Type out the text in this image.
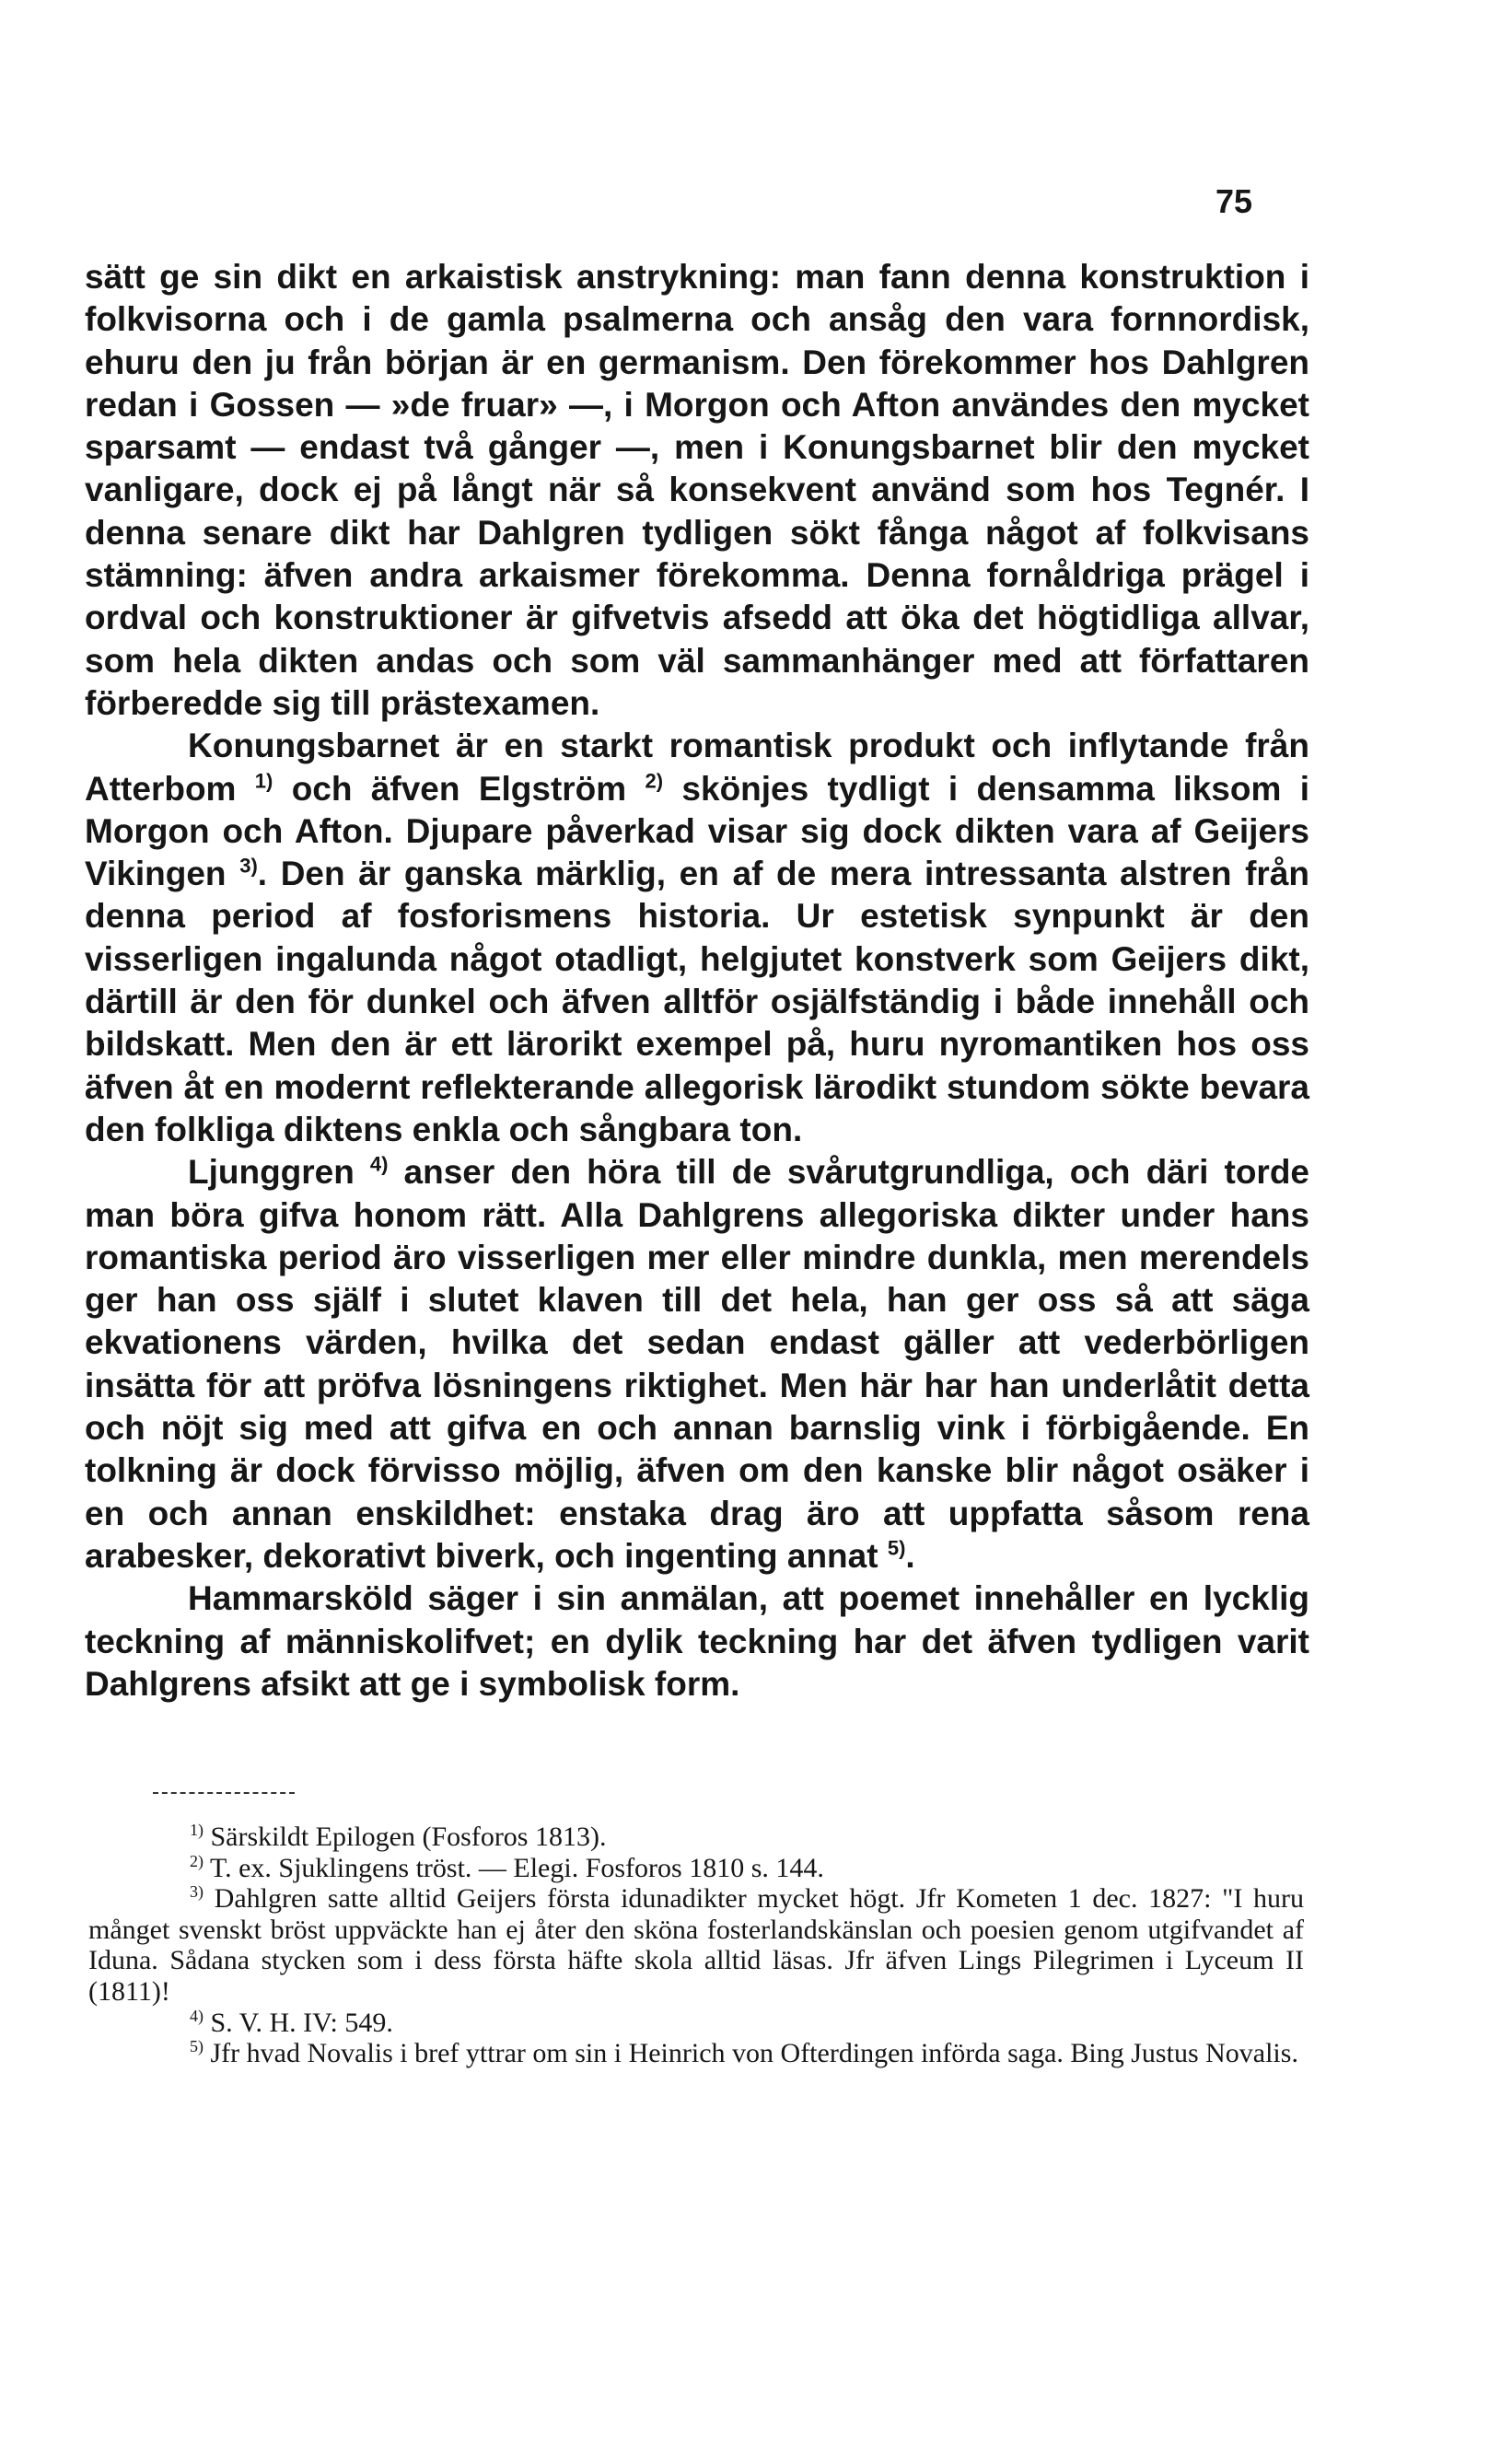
75

sätt ge sin dikt en arkaistisk anstrykning: man fann denna konstruktion i folkvisorna och i de gamla psalmerna och ansåg den vara fornnordisk, ehuru den ju från början är en germanism. Den förekommer hos Dahlgren redan i Gossen — »de fruar» —, i Morgon och Afton användes den mycket sparsamt — endast två gånger —, men i Konungsbarnet blir den mycket vanligare, dock ej på långt när så konsekvent använd som hos Tegnér. I denna senare dikt har Dahlgren tydligen sökt fånga något af folkvisans stämning: äfven andra arkaismer förekomma. Denna fornåldriga prägel i ordval och konstruktioner är gifvetvis afsedd att öka det högtidliga allvar, som hela dikten andas och som väl sammanhänger med att författaren förberedde sig till prästexamen.

Konungsbarnet är en starkt romantisk produkt och inflytande från Atterbom $^{1)}$ och äfven Elgström $^{2)}$ skönjes tydligt i densamma liksom i Morgon och Afton. Djupare påverkad visar sig dock dikten vara af Geijers Vikingen $^{3)}$. Den är ganska märklig, en af de mera intressanta alstren från denna period af fosforismens historia. Ur estetisk synpunkt är den visserligen ingalunda något otadligt, helgjutet konstverk som Geijers dikt, därtill är den för dunkel och äfven alltför osjälfständig i både innehåll och bildskatt. Men den är ett lärorikt exempel på, huru nyromantiken hos oss äfven åt en modernt reflekterande allegorisk lärodikt stundom sökte bevara den folkliga diktens enkla och sångbara ton.

Ljunggren $^{4)}$ anser den höra till de svårutgrundliga, och däri torde man böra gifva honom rätt. Alla Dahlgrens allegoriska dikter under hans romantiska period äro visserligen mer eller mindre dunkla, men merendels ger han oss själf i slutet klaven till det hela, han ger oss så att säga ekvationens värden, hvilka det sedan endast gäller att vederbörligen insätta för att pröfva lösningens riktighet. Men här har han underlåtit detta och nöjt sig med att gifva en och annan barnslig vink i förbigående. En tolkning är dock förvisso möjlig, äfven om den kanske blir något osäker i en och annan enskildhet: enstaka drag äro att uppfatta såsom rena arabesker, dekorativt biverk, och ingenting annat $^{5)}$.

Hammarsköld säger i sin anmälan, att poemet innehåller en lycklig teckning af människolifvet; en dylik teckning har det äfven tydligen varit Dahlgrens afsikt att ge i symbolisk form.

$^{1)}$ Särskildt Epilogen (Fosforos 1813).

$^{2)}$ T. ex. Sjuklingens tröst. — Elegi. Fosforos 1810 s. 144.

$^{3)}$ Dahlgren satte alltid Geijers första idunadikter mycket högt. Jfr Kometen 1 dec. 1827: "I huru månget svenskt bröst uppväckte han ej åter den sköna fosterlandskänslan och poesien genom utgifvandet af Iduna. Sådana stycken som i dess första häfte skola alltid läsas. Jfr äfven Lings Pilegrimen i Lyceum II (1811)!

$^{4)}$ S. V. H. IV: 549.

$^{5)}$ Jfr hvad Novalis i bref yttrar om sin i Heinrich von Ofterdingen införda saga. Bing Justus Novalis.
